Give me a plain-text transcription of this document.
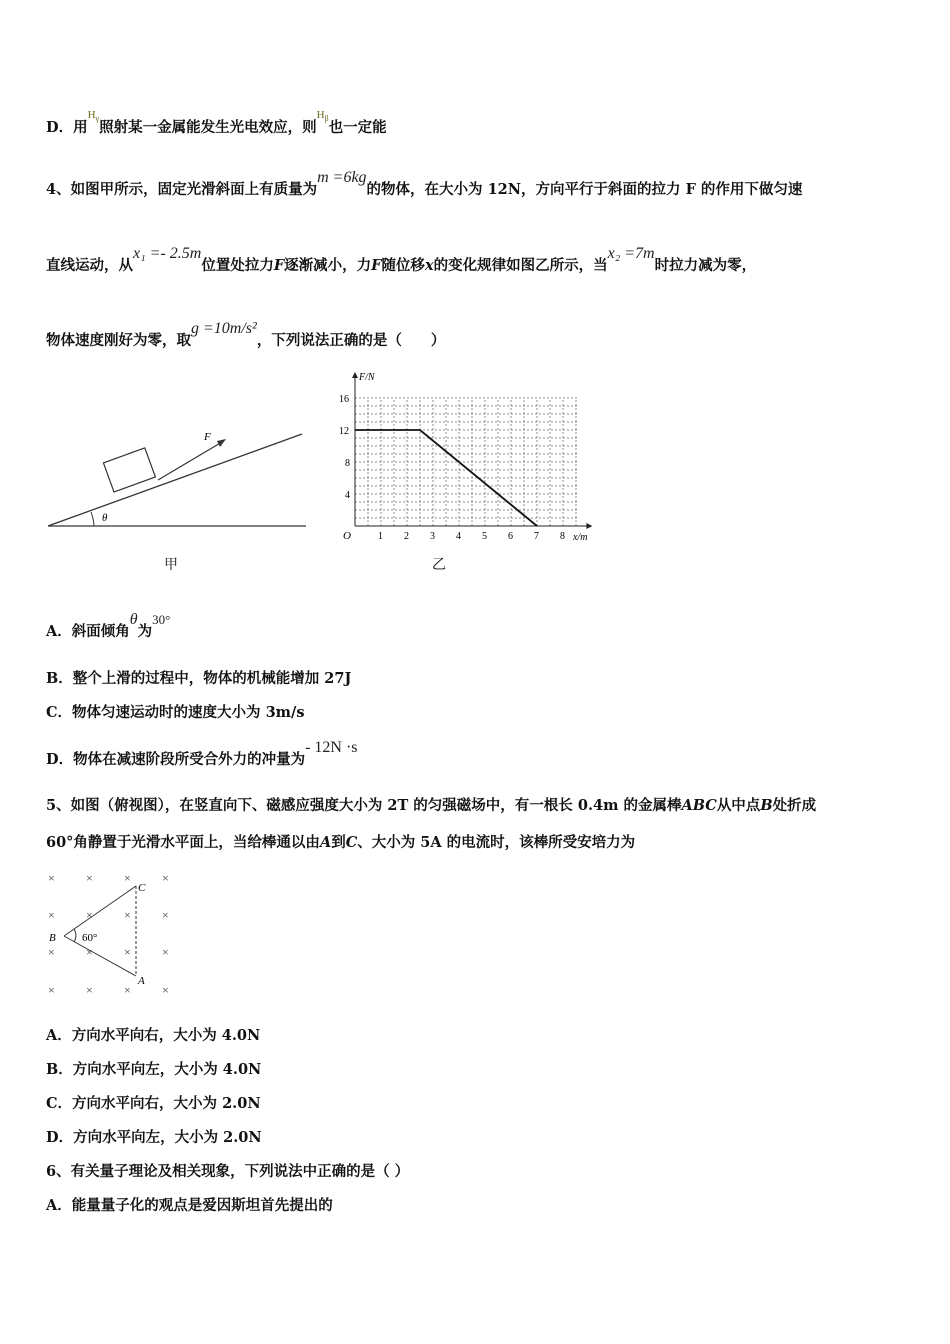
D．用$^{H_\gamma}$照射某一金属能发生光电效应，则$^{H_\beta}$也一定能
4、如图甲所示，固定光滑斜面上有质量为m =6kg的物体，在大小为 12N，方向平行于斜面的拉力 F 的作用下做匀速
直线运动，从x₁ =- 2.5m位置处拉力F逐渐减小，力F随位移x的变化规律如图乙所示，当x₂ =7m时拉力减为零，
物体速度刚好为零，取g =10m/s²，下列说法正确的是（　　）
θ
F
甲
F/N
x/m
O	1 2 3 4 5 6 7 8
4
8
12
16
乙
A．斜面倾角θ为30°
B．整个上滑的过程中，物体的机械能增加 27J
C．物体匀速运动时的速度大小为 3m/s
D．物体在减速阶段所受合外力的冲量为- 12N ·s
5、如图（俯视图），在竖直向下、磁感应强度大小为 2T 的匀强磁场中，有一根长 0.4m 的金属棒ABC从中点B处折成
60°角静置于光滑水平面上，当给棒通以由A到C、大小为 5A 的电流时，该棒所受安培力为
60°
B
C
A
×	×	×	×
×	×	×	×
×	×	×	×
×	×	×	×
A．方向水平向右，大小为 4.0N
B．方向水平向左，大小为 4.0N
C．方向水平向右，大小为 2.0N
D．方向水平向左，大小为 2.0N
6、有关量子理论及相关现象，下列说法中正确的是（ ）
A．能量量子化的观点是爱因斯坦首先提出的
